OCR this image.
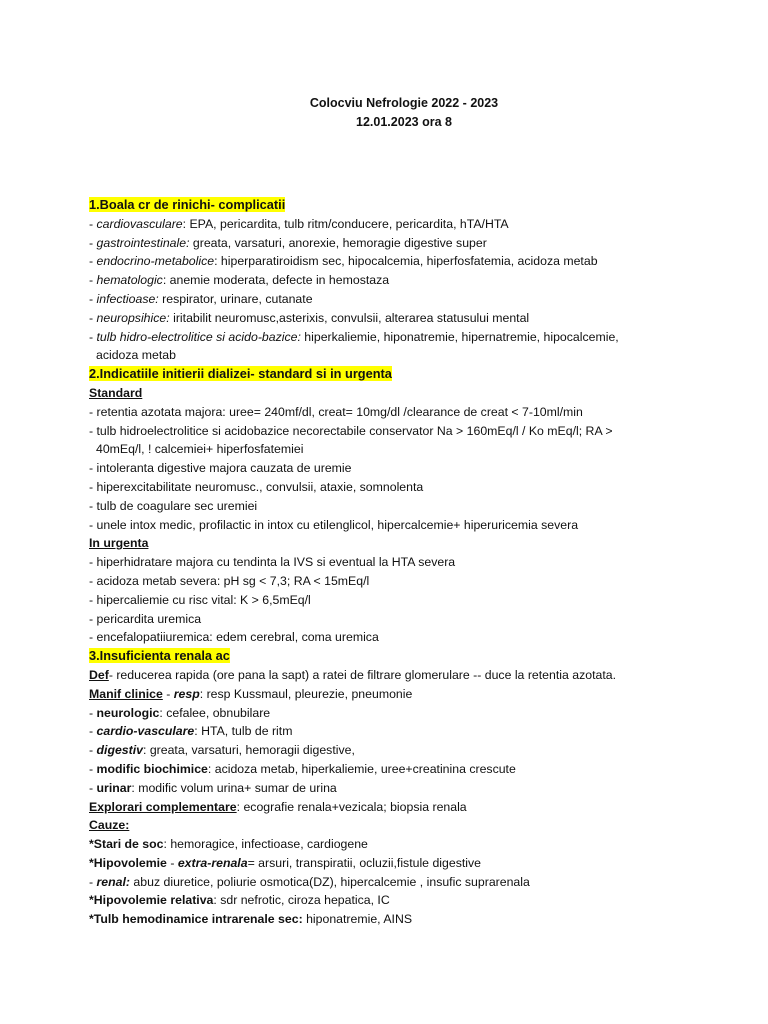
Colocviu Nefrologie 2022 - 2023
12.01.2023 ora 8
1.Boala cr de rinichi- complicatii
- cardiovasculare: EPA, pericardita, tulb ritm/conducere, pericardita, hTA/HTA
- gastrointestinale: greata, varsaturi, anorexie, hemoragie digestive super
- endocrino-metabolice: hiperparatiroidism sec, hipocalcemia, hiperfosfatemia, acidoza metab
- hematologic: anemie moderata, defecte in hemostaza
- infectioase: respirator, urinare, cutanate
- neuropsihice: iritabilit neuromusc,asterixis, convulsii, alterarea statusului mental
- tulb hidro-electrolitice si acido-bazice: hiperkaliemie, hiponatremie, hipernatremie, hipocalcemie,
acidoza metab
2.Indicatiile initierii dializei- standard si in urgenta
Standard
- retentia azotata majora: uree= 240mf/dl, creat= 10mg/dl /clearance de creat < 7-10ml/min
- tulb hidroelectrolitice si acidobazice necorectabile conservator Na > 160mEq/l / Ko mEq/l; RA >
40mEq/l, ! calcemiei+ hiperfosfatemiei
- intoleranta digestive majora cauzata de uremie
- hiperexcitabilitate neuromusc., convulsii, ataxie, somnolenta
- tulb de coagulare sec uremiei
- unele intox medic, profilactic in intox cu etilenglicol, hipercalcemie+ hiperuricemia severa
In urgenta
- hiperhidratare majora cu tendinta la IVS si eventual la HTA severa
- acidoza metab severa: pH sg < 7,3; RA < 15mEq/l
- hipercaliemie cu risc vital: K > 6,5mEq/l
- pericardita uremica
- encefalopatiiuremica: edem cerebral, coma uremica
3.Insuficienta renala ac
Def- reducerea rapida (ore pana la sapt) a ratei de filtrare glomerulare -- duce la retentia azotata.
Manif clinice - resp: resp Kussmaul, pleurezie, pneumonie
- neurologic: cefalee, obnubilare
- cardio-vasculare: HTA, tulb de ritm
- digestiv: greata, varsaturi, hemoragii digestive,
- modific biochimice: acidoza metab, hiperkaliemie, uree+creatinina crescute
- urinar: modific volum urina+ sumar de urina
Explorari complementare: ecografie renala+vezicala; biopsia renala
Cauze:
*Stari de soc: hemoragice, infectioase, cardiogene
*Hipovolemie - extra-renala= arsuri, transpiratii, ocluzii,fistule digestive
- renal: abuz diuretice, poliurie osmotica(DZ), hipercalcemie , insufic suprarenala
*Hipovolemie relativa: sdr nefrotic, ciroza hepatica, IC
*Tulb hemodinamice intrarenale sec: hiponatremie, AINS
